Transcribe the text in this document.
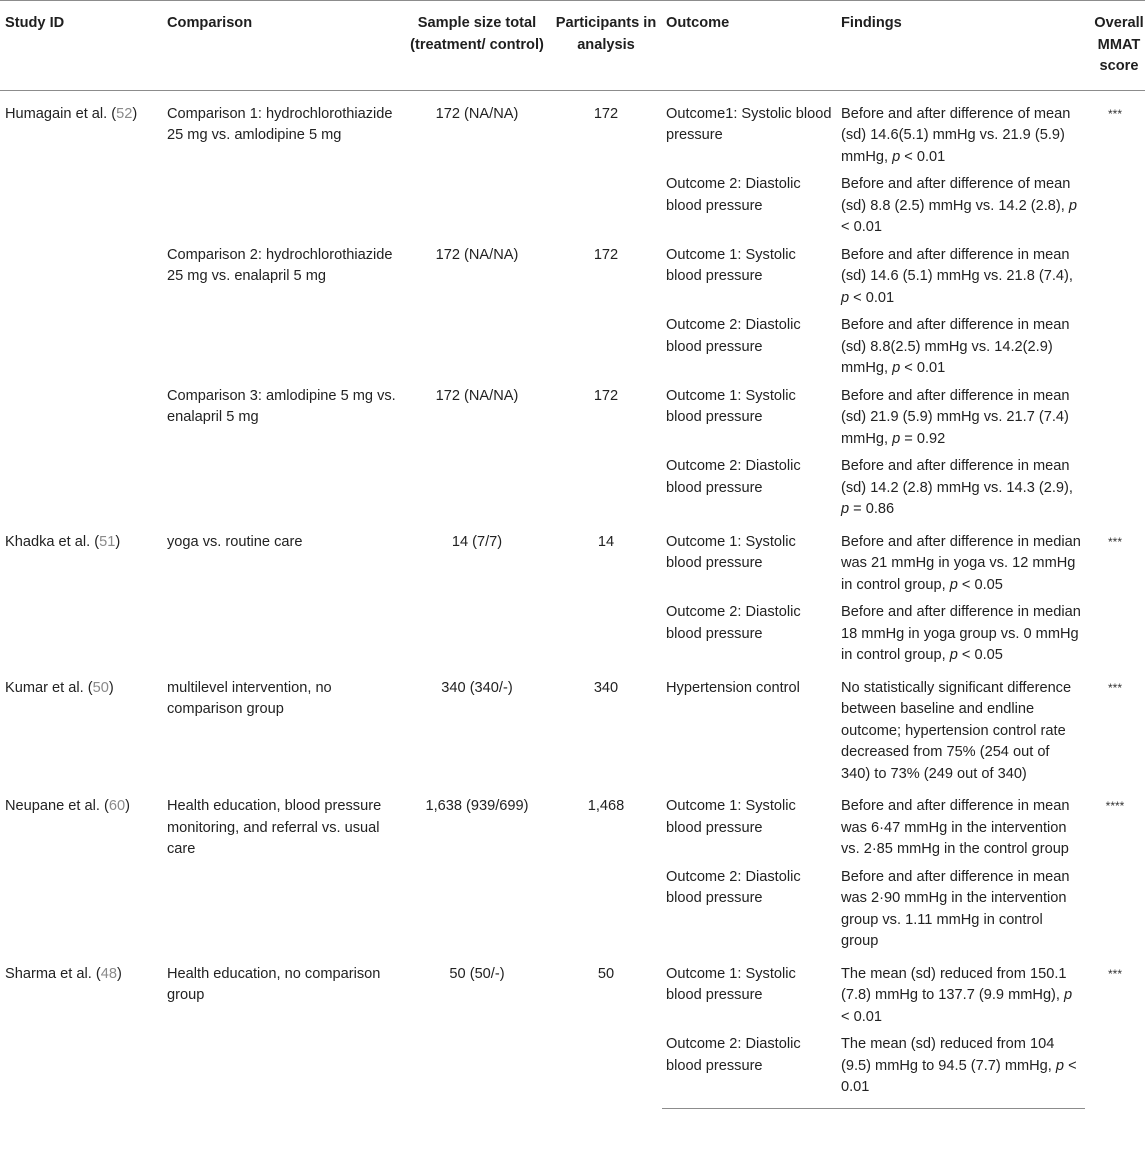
Study ID	Comparison	Sample size total (treatment/ control)	Participants in analysis	Outcome	Findings	Overall MMAT score
Humagain et al. (52)	Comparison 1: hydrochlorothiazide 25 mg vs. amlodipine 5 mg	172 (NA/NA)	172	Outcome1: Systolic blood pressure	Before and after difference of mean (sd) 14.6(5.1) mmHg vs. 21.9 (5.9) mmHg, p < 0.01	***
				Outcome 2: Diastolic blood pressure	Before and after difference of mean (sd) 8.8 (2.5) mmHg vs. 14.2 (2.8), p < 0.01	
	Comparison 2: hydrochlorothiazide 25 mg vs. enalapril 5 mg	172 (NA/NA)	172	Outcome 1: Systolic blood pressure	Before and after difference in mean (sd) 14.6 (5.1) mmHg vs. 21.8 (7.4), p < 0.01	
				Outcome 2: Diastolic blood pressure	Before and after difference in mean (sd) 8.8(2.5) mmHg vs. 14.2(2.9) mmHg, p < 0.01	
	Comparison 3: amlodipine 5 mg vs. enalapril 5 mg	172 (NA/NA)	172	Outcome 1: Systolic blood pressure	Before and after difference in mean (sd) 21.9 (5.9) mmHg vs. 21.7 (7.4) mmHg, p = 0.92	
				Outcome 2: Diastolic blood pressure	Before and after difference in mean (sd) 14.2 (2.8) mmHg vs. 14.3 (2.9), p = 0.86	
Khadka et al. (51)	yoga vs. routine care	14 (7/7)	14	Outcome 1: Systolic blood pressure	Before and after difference in median was 21 mmHg in yoga vs. 12 mmHg in control group, p < 0.05	***
				Outcome 2: Diastolic blood pressure	Before and after difference in median 18 mmHg in yoga group vs. 0 mmHg in control group, p < 0.05	
Kumar et al. (50)	multilevel intervention, no comparison group	340 (340/-)	340	Hypertension control	No statistically significant difference between baseline and endline outcome; hypertension control rate decreased from 75% (254 out of 340) to 73% (249 out of 340)	***
Neupane et al. (60)	Health education, blood pressure monitoring, and referral vs. usual care	1,638 (939/699)	1,468	Outcome 1: Systolic blood pressure	Before and after difference in mean was 6·47 mmHg in the intervention vs. 2·85 mmHg in the control group	****
				Outcome 2: Diastolic blood pressure	Before and after difference in mean was 2·90 mmHg in the intervention group vs. 1.11 mmHg in control group	
Sharma et al. (48)	Health education, no comparison group	50 (50/-)	50	Outcome 1: Systolic blood pressure	The mean (sd) reduced from 150.1 (7.8) mmHg to 137.7 (9.9 mmHg), p < 0.01	***
				Outcome 2: Diastolic blood pressure	The mean (sd) reduced from 104 (9.5) mmHg to 94.5 (7.7) mmHg, p < 0.01	
